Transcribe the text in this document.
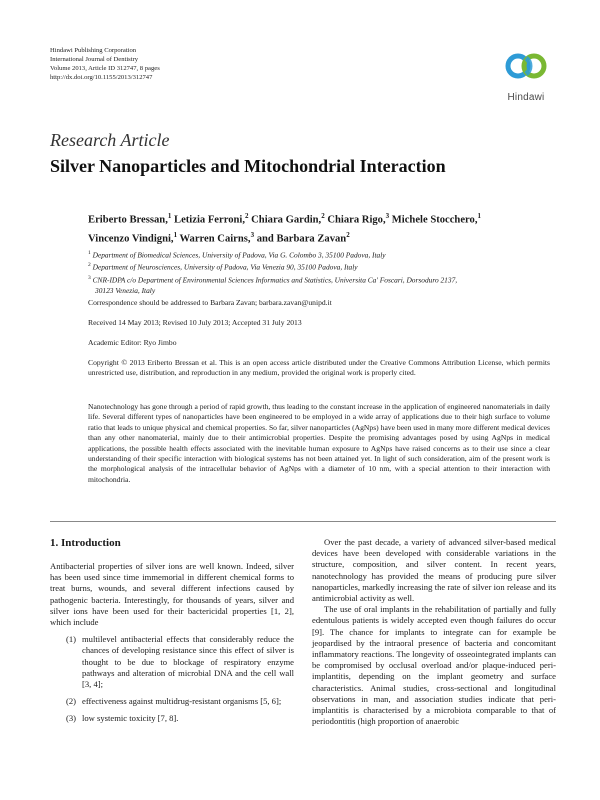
Hindawi Publishing Corporation
International Journal of Dentistry
Volume 2013, Article ID 312747, 8 pages
http://dx.doi.org/10.1155/2013/312747
Hindawi
Research Article
Silver Nanoparticles and Mitochondrial Interaction
Eriberto Bressan,$^1$ Letizia Ferroni,$^2$ Chiara Gardin,$^2$ Chiara Rigo,$^3$ Michele Stocchero,$^1$
Vincenzo Vindigni,$^1$ Warren Cairns,$^3$ and Barbara Zavan$^2$
$^1$ Department of Biomedical Sciences, University of Padova, Via G. Colombo 3, 35100 Padova, Italy
$^2$ Department of Neurosciences, University of Padova, Via Venezia 90, 35100 Padova, Italy
$^3$ CNR-IDPA c/o Department of Environmental Sciences Informatics and Statistics, Universita Ca' Foscari, Dorsoduro 2137,
30123 Venezia, Italy
Correspondence should be addressed to Barbara Zavan; barbara.zavan@unipd.it
Received 14 May 2013; Revised 10 July 2013; Accepted 31 July 2013
Academic Editor: Ryo Jimbo
Copyright © 2013 Eriberto Bressan et al. This is an open access article distributed under the Creative Commons Attribution License, which permits unrestricted use, distribution, and reproduction in any medium, provided the original work is properly cited.
Nanotechnology has gone through a period of rapid growth, thus leading to the constant increase in the application of engineered nanomaterials in daily life. Several different types of nanoparticles have been engineered to be employed in a wide array of applications due to their high surface to volume ratio that leads to unique physical and chemical properties. So far, silver nanoparticles (AgNps) have been used in many more different medical devices than any other nanomaterial, mainly due to their antimicrobial properties. Despite the promising advantages posed by using AgNps in medical applications, the possible health effects associated with the inevitable human exposure to AgNps have raised concerns as to their use since a clear understanding of their specific interaction with biological systems has not been attained yet. In light of such consideration, aim of the present work is the morphological analysis of the intracellular behavior of AgNps with a diameter of 10 nm, with a special attention to their interaction with mitochondria.
1. Introduction

Antibacterial properties of silver ions are well known. Indeed, silver has been used since time immemorial in different chemical forms to treat burns, wounds, and several different infections caused by pathogenic bacteria. Interestingly, for thousands of years, silver and silver ions have been used for their bactericidal properties [1, 2], which include

(1) multilevel antibacterial effects that considerably reduce the chances of developing resistance since this effect of silver is thought to be due to blockage of respiratory enzyme pathways and alteration of microbial DNA and the cell wall [3, 4];
(2) effectiveness against multidrug-resistant organisms [5, 6];
(3) low systemic toxicity [7, 8].

Over the past decade, a variety of advanced silver-based medical devices have been developed with considerable variations in the structure, composition, and silver content. In recent years, nanotechnology has provided the means of producing pure silver nanoparticles, markedly increasing the rate of silver ion release and its antimicrobial activity as well.

The use of oral implants in the rehabilitation of partially and fully edentulous patients is widely accepted even though failures do occur [9]. The chance for implants to integrate can for example be jeopardised by the intraoral presence of bacteria and concomitant inflammatory reactions. The longevity of osseointegrated implants can be compromised by occlusal overload and/or plaque-induced peri-implantitis, depending on the implant geometry and surface characteristics. Animal studies, cross-sectional and longitudinal observations in man, and association studies indicate that peri-implantitis is characterised by a microbiota comparable to that of periodontitis (high proportion of anaerobic
